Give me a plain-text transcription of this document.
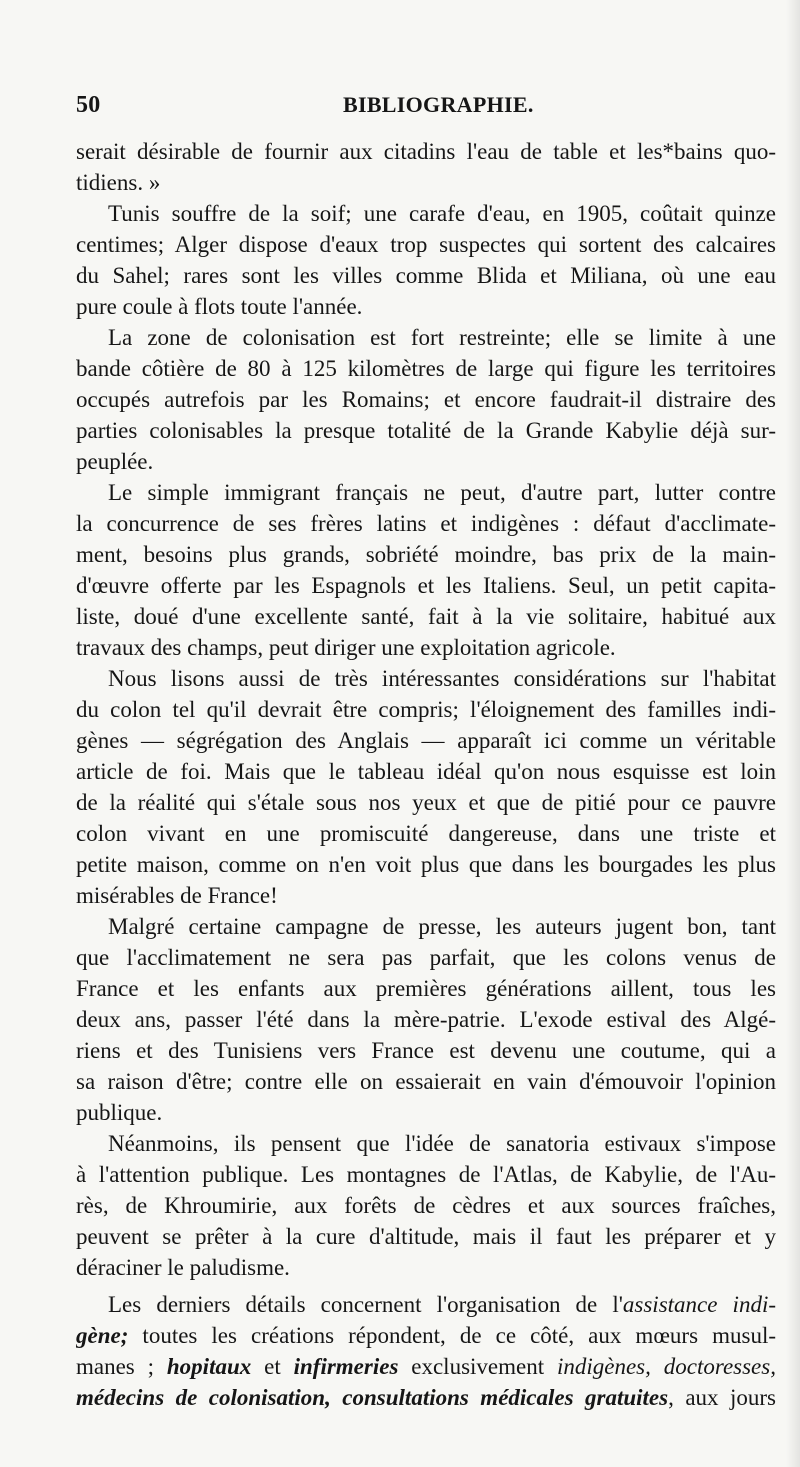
50	BIBLIOGRAPHIE.
serait désirable de fournir aux citadins l'eau de table et les*bains quo-
tidiens. »
Tunis souffre de la soif; une carafe d'eau, en 1905, coûtait quinze
centimes; Alger dispose d'eaux trop suspectes qui sortent des calcaires
du Sahel; rares sont les villes comme Blida et Miliana, où une eau
pure coule à flots toute l'année.
La zone de colonisation est fort restreinte; elle se limite à une
bande côtière de 80 à 125 kilomètres de large qui figure les territoires
occupés autrefois par les Romains; et encore faudrait-il distraire des
parties colonisables la presque totalité de la Grande Kabylie déjà sur-
peuplée.
Le simple immigrant français ne peut, d'autre part, lutter contre
la concurrence de ses frères latins et indigènes : défaut d'acclimate-
ment, besoins plus grands, sobriété moindre, bas prix de la main-
d'œuvre offerte par les Espagnols et les Italiens. Seul, un petit capita-
liste, doué d'une excellente santé, fait à la vie solitaire, habitué aux
travaux des champs, peut diriger une exploitation agricole.
Nous lisons aussi de très intéressantes considérations sur l'habitat
du colon tel qu'il devrait être compris; l'éloignement des familles indi-
gènes — ségrégation des Anglais — apparaît ici comme un véritable
article de foi. Mais que le tableau idéal qu'on nous esquisse est loin
de la réalité qui s'étale sous nos yeux et que de pitié pour ce pauvre
colon vivant en une promiscuité dangereuse, dans une triste et
petite maison, comme on n'en voit plus que dans les bourgades les plus
misérables de France!
Malgré certaine campagne de presse, les auteurs jugent bon, tant
que l'acclimatement ne sera pas parfait, que les colons venus de
France et les enfants aux premières générations aillent, tous les
deux ans, passer l'été dans la mère-patrie. L'exode estival des Algé-
riens et des Tunisiens vers France est devenu une coutume, qui a
sa raison d'être; contre elle on essaierait en vain d'émouvoir l'opinion
publique.
Néanmoins, ils pensent que l'idée de sanatoria estivaux s'impose
à l'attention publique. Les montagnes de l'Atlas, de Kabylie, de l'Au-
rès, de Khroumirie, aux forêts de cèdres et aux sources fraîches,
peuvent se prêter à la cure d'altitude, mais il faut les préparer et y
déraciner le paludisme.
Les derniers détails concernent l'organisation de l'assistance indi-
gène; toutes les créations répondent, de ce côté, aux mœurs musul-
manes ; hopitaux et infirmeries exclusivement indigènes, doctoresses,
médecins de colonisation, consultations médicales gratuites, aux jours
